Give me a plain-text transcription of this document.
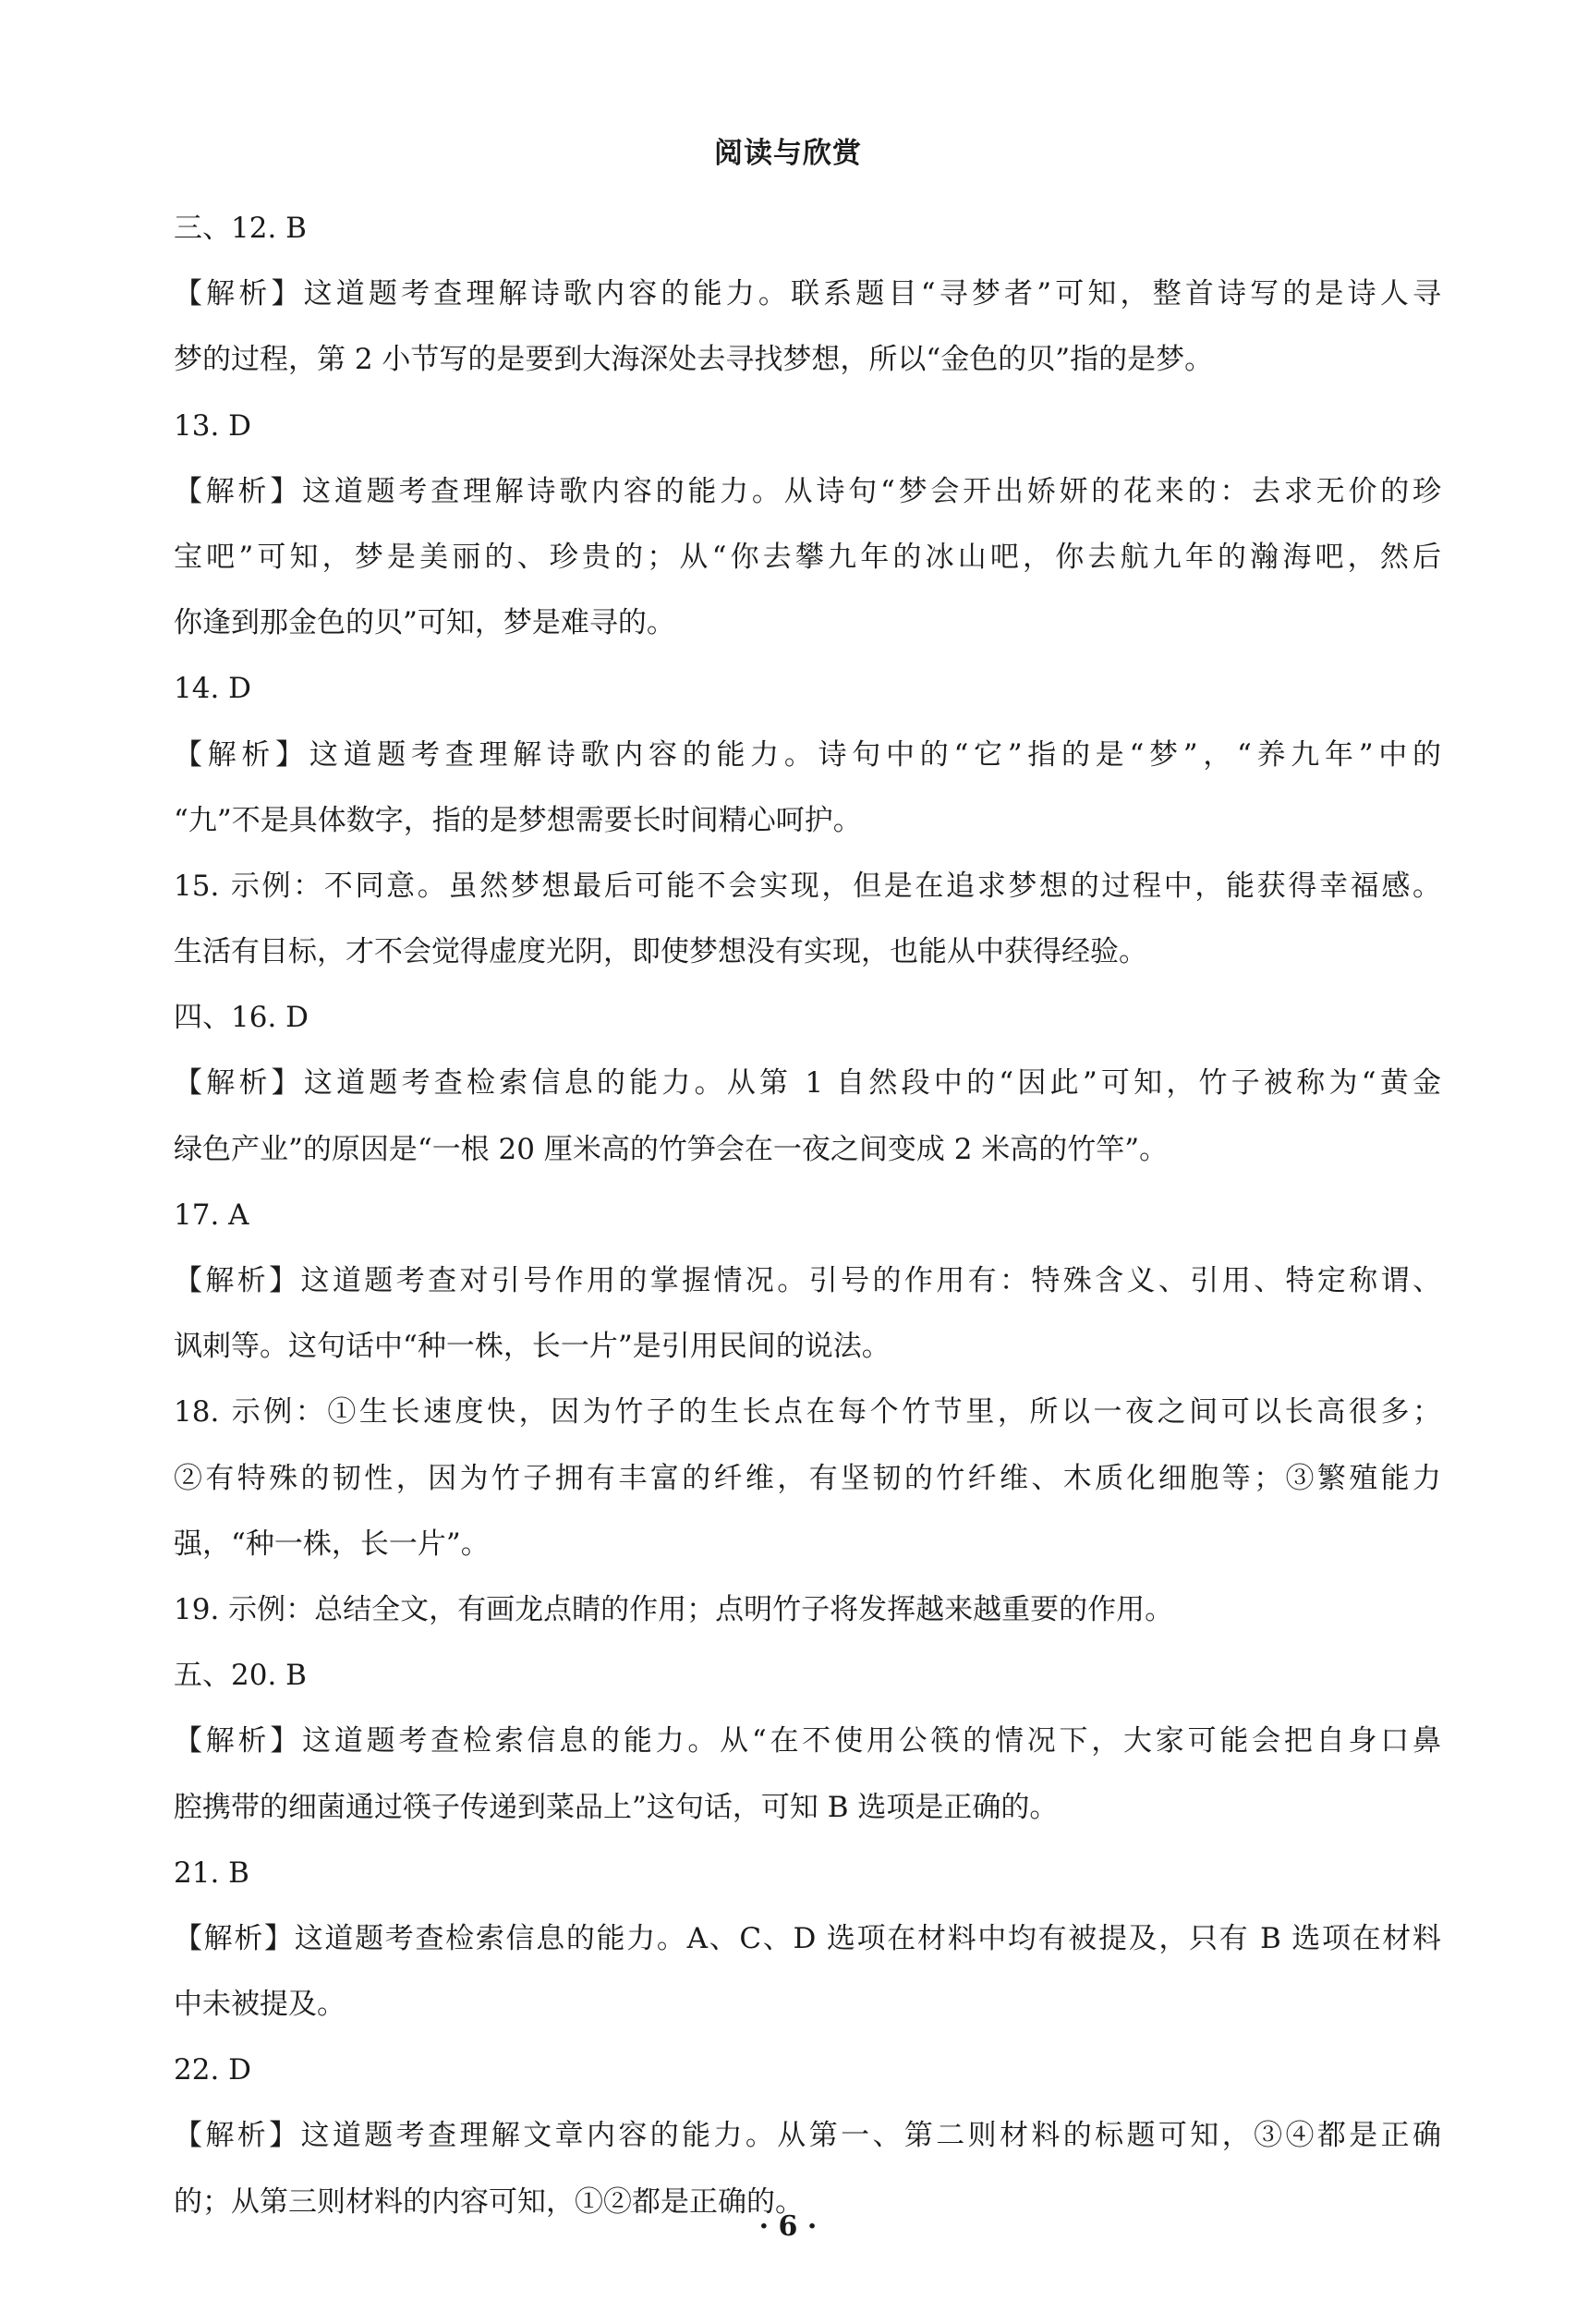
阅读与欣赏
三、12. B
【解析】这道题考查理解诗歌内容的能力。联系题目“寻梦者”可知，整首诗写的是诗人寻
梦的过程，第 2 小节写的是要到大海深处去寻找梦想，所以“金色的贝”指的是梦。
13. D
【解析】这道题考查理解诗歌内容的能力。从诗句“梦会开出娇妍的花来的：去求无价的珍
宝吧”可知，梦是美丽的、珍贵的；从“你去攀九年的冰山吧，你去航九年的瀚海吧，然后
你逢到那金色的贝”可知，梦是难寻的。
14. D
【解析】这道题考查理解诗歌内容的能力。诗句中的“它”指的是“梦”，“养九年”中的
“九”不是具体数字，指的是梦想需要长时间精心呵护。
15. 示例：不同意。虽然梦想最后可能不会实现，但是在追求梦想的过程中，能获得幸福感。
生活有目标，才不会觉得虚度光阴，即使梦想没有实现，也能从中获得经验。
四、16. D
【解析】这道题考查检索信息的能力。从第 1 自然段中的“因此”可知，竹子被称为“黄金
绿色产业”的原因是“一根 20 厘米高的竹笋会在一夜之间变成 2 米高的竹竿”。
17. A
【解析】这道题考查对引号作用的掌握情况。引号的作用有：特殊含义、引用、特定称谓、
讽刺等。这句话中“种一株，长一片”是引用民间的说法。
18. 示例：①生长速度快，因为竹子的生长点在每个竹节里，所以一夜之间可以长高很多；
②有特殊的韧性，因为竹子拥有丰富的纤维，有坚韧的竹纤维、木质化细胞等；③繁殖能力
强，“种一株，长一片”。
19. 示例：总结全文，有画龙点睛的作用；点明竹子将发挥越来越重要的作用。
五、20. B
【解析】这道题考查检索信息的能力。从“在不使用公筷的情况下，大家可能会把自身口鼻
腔携带的细菌通过筷子传递到菜品上”这句话，可知 B 选项是正确的。
21. B
【解析】这道题考查检索信息的能力。A、C、D 选项在材料中均有被提及，只有 B 选项在材料
中未被提及。
22. D
【解析】这道题考查理解文章内容的能力。从第一、第二则材料的标题可知，③④都是正确
的；从第三则材料的内容可知，①②都是正确的。
· 6 ·
